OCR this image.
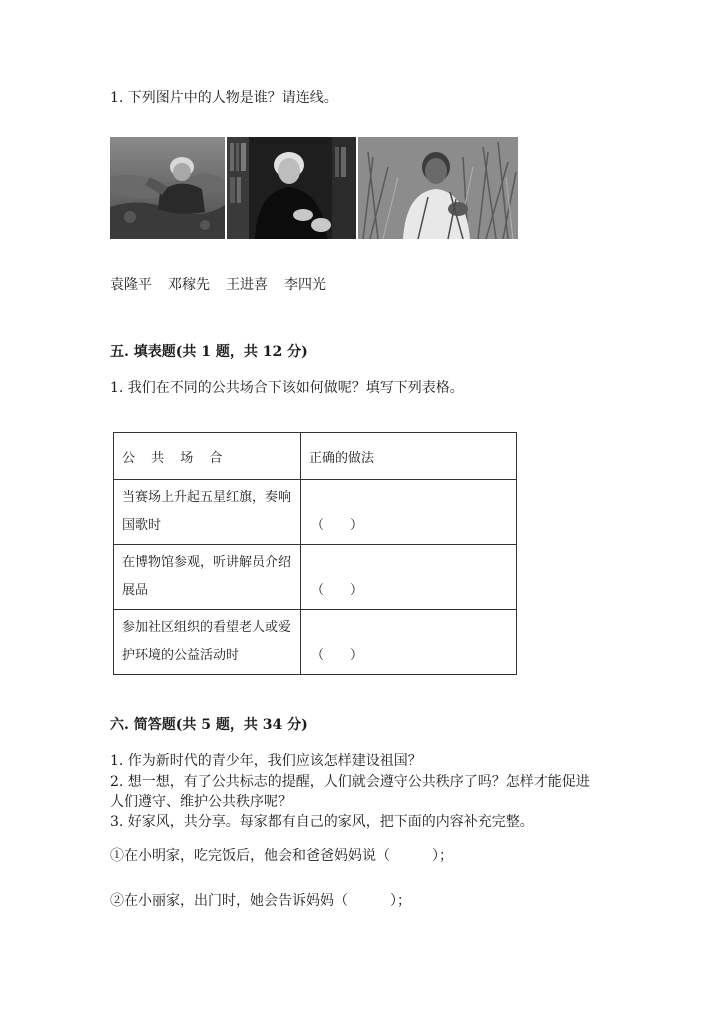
1. 下列图片中的人物是谁？请连线。
袁隆平 邓稼先 王进喜 李四光
五. 填表题(共 1 题，共 12 分)
1. 我们在不同的公共场合下该如何做呢？填写下列表格。
公 共 场 合	正确的做法
当赛场上升起五星红旗，奏响国歌时	（　　）

在博物馆参观，听讲解员介绍展品	（　　）

参加社区组织的看望老人或爱护环境的公益活动时	（　　）
六. 简答题(共 5 题，共 34 分)
1. 作为新时代的青少年，我们应该怎样建设祖国？
2. 想一想，有了公共标志的提醒，人们就会遵守公共秩序了吗？怎样才能促进
人们遵守、维护公共秩序呢？
3. 好家风，共分享。每家都有自己的家风，把下面的内容补充完整。
①在小明家，吃完饭后，他会和爸爸妈妈说（　　　）；
②在小丽家，出门时，她会告诉妈妈（　　　）；
